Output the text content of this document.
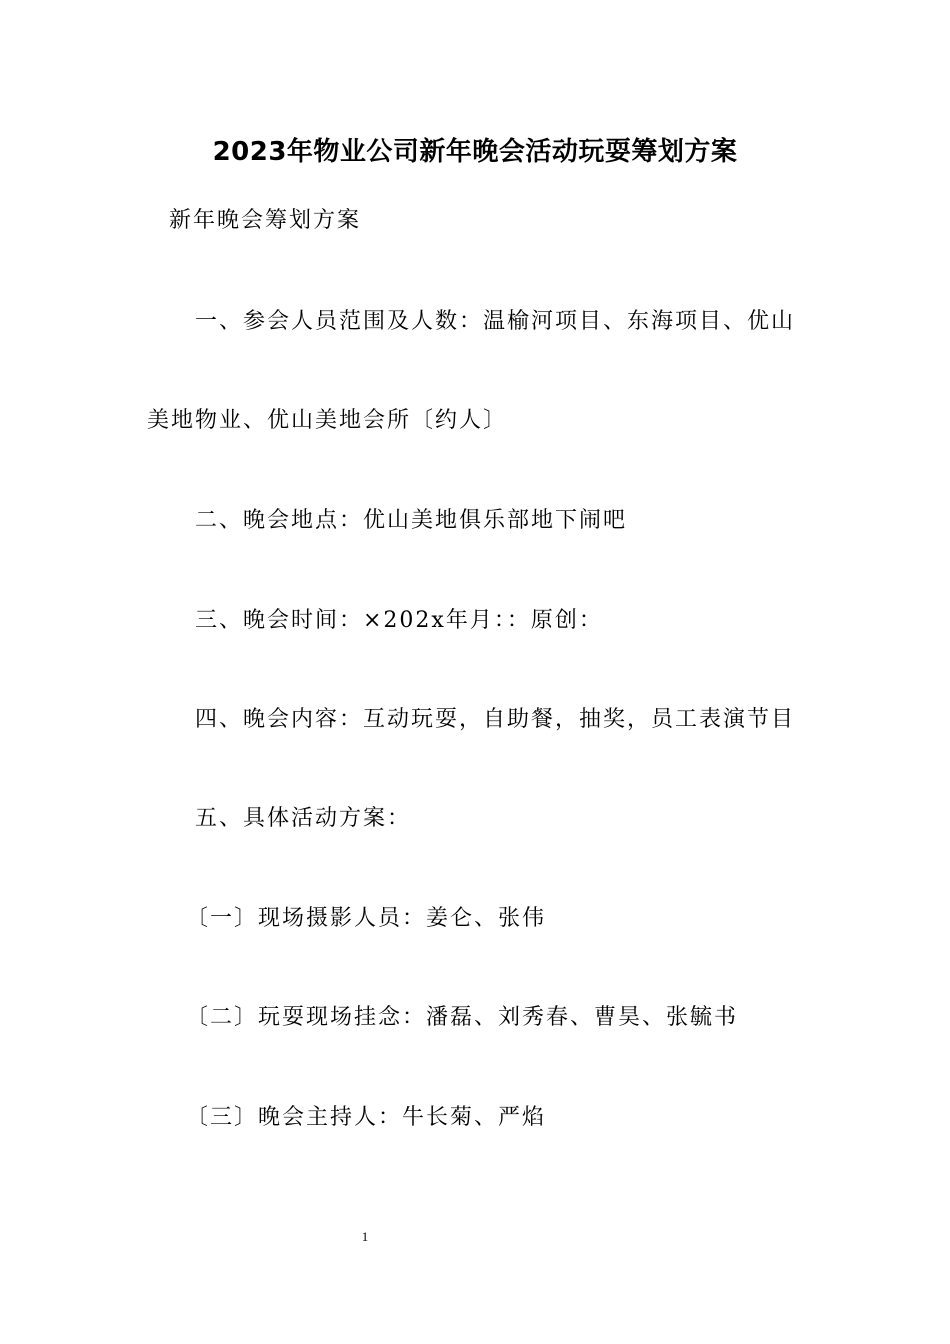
2023年物业公司新年晚会活动玩耍筹划方案

新年晚会筹划方案

一、参会人员范围及人数：温榆河项目、东海项目、优山

美地物业、优山美地会所〔约人〕

二、晚会地点：优山美地俱乐部地下闹吧

三、晚会时间：×202x年月：：原创：

四、晚会内容：互动玩耍，自助餐，抽奖，员工表演节目

五、具体活动方案：

〔一〕现场摄影人员：姜仑、张伟

〔二〕玩耍现场挂念：潘磊、刘秀春、曹昊、张毓书

〔三〕晚会主持人：牛长菊、严焰

1
